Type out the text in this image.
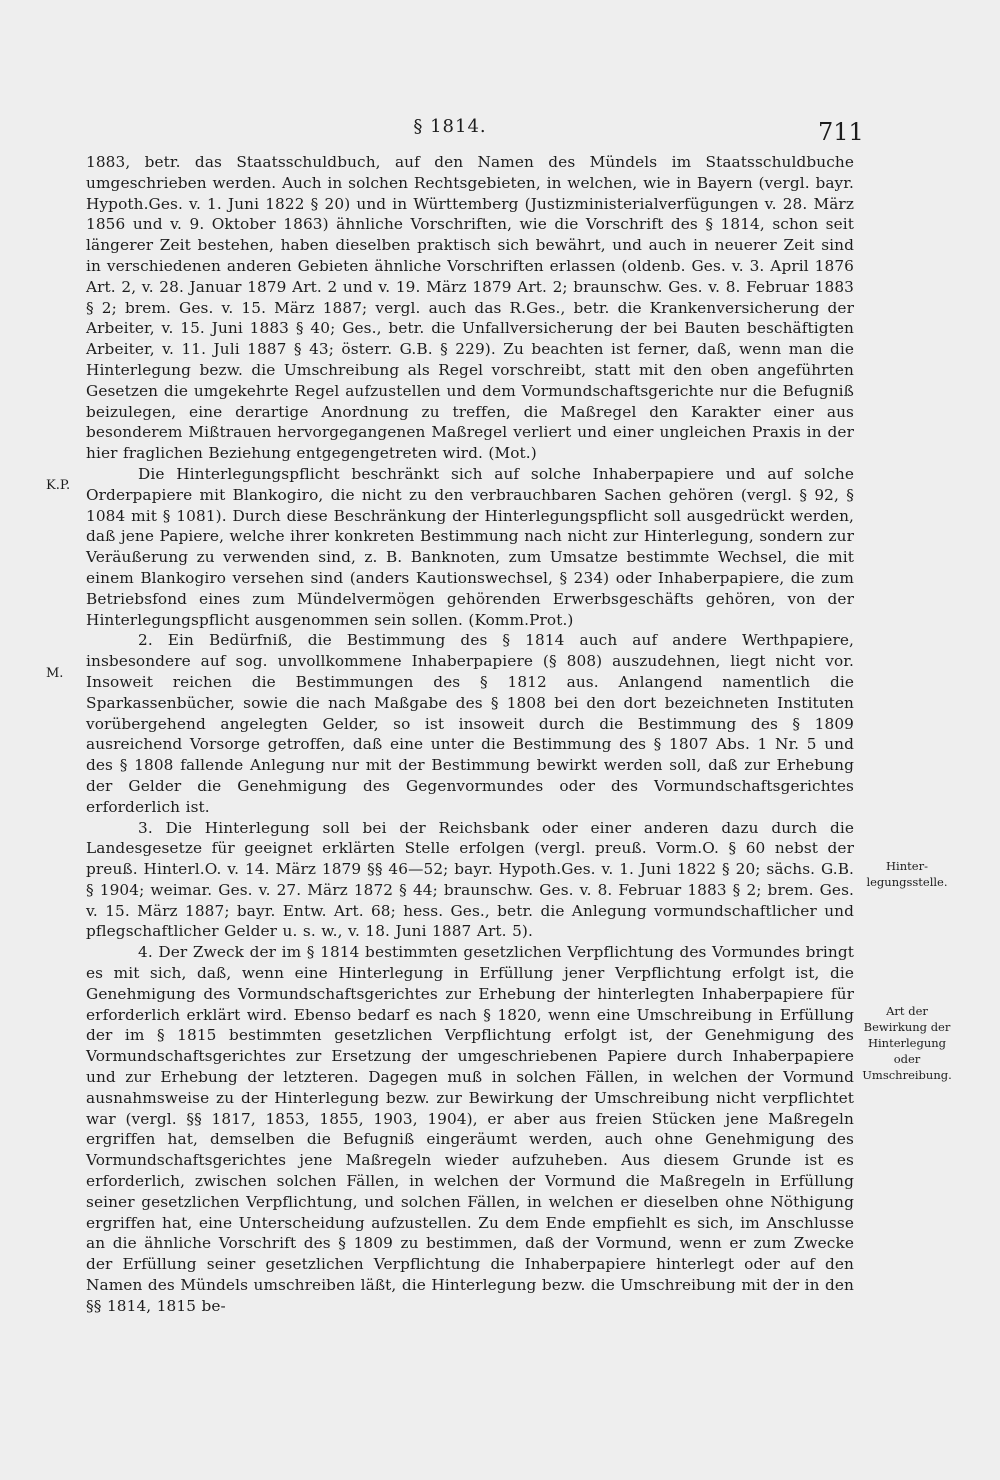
§ 1814.	711
K.P.
M.
Hinter-
legungsstelle.
Art der
Bewirkung der
Hinterlegung
oder
Umschreibung.

1883, betr. das Staatsschuldbuch, auf den Namen des Mündels im Staatsschuldbuche umgeschrieben werden. Auch in solchen Rechtsgebieten, in welchen, wie in Bayern (vergl. bayr. Hypoth.Ges. v. 1. Juni 1822 § 20) und in Württemberg (Justizministerialverfügungen v. 28. März 1856 und v. 9. Oktober 1863) ähnliche Vorschriften, wie die Vorschrift des § 1814, schon seit längerer Zeit bestehen, haben dieselben praktisch sich bewährt, und auch in neuerer Zeit sind in verschiedenen anderen Gebieten ähnliche Vorschriften erlassen (oldenb. Ges. v. 3. April 1876 Art. 2, v. 28. Januar 1879 Art. 2 und v. 19. März 1879 Art. 2; braunschw. Ges. v. 8. Februar 1883 § 2; brem. Ges. v. 15. März 1887; vergl. auch das R.Ges., betr. die Krankenversicherung der Arbeiter, v. 15. Juni 1883 § 40; Ges., betr. die Unfallversicherung der bei Bauten beschäftigten Arbeiter, v. 11. Juli 1887 § 43; österr. G.B. § 229). Zu beachten ist ferner, daß, wenn man die Hinterlegung bezw. die Umschreibung als Regel vorschreibt, statt mit den oben angeführten Gesetzen die umgekehrte Regel aufzustellen und dem Vormundschaftsgerichte nur die Befugniß beizulegen, eine derartige Anordnung zu treffen, die Maßregel den Karakter einer aus besonderem Mißtrauen hervorgegangenen Maßregel verliert und einer ungleichen Praxis in der hier fraglichen Beziehung entgegengetreten wird. (Mot.)

Die Hinterlegungspflicht beschränkt sich auf solche Inhaberpapiere und auf solche Orderpapiere mit Blankogiro, die nicht zu den verbrauchbaren Sachen gehören (vergl. § 92, § 1084 mit § 1081). Durch diese Beschränkung der Hinterlegungspflicht soll ausgedrückt werden, daß jene Papiere, welche ihrer konkreten Bestimmung nach nicht zur Hinterlegung, sondern zur Veräußerung zu verwenden sind, z. B. Banknoten, zum Umsatze bestimmte Wechsel, die mit einem Blankogiro versehen sind (anders Kautionswechsel, § 234) oder Inhaberpapiere, die zum Betriebsfond eines zum Mündelvermögen gehörenden Erwerbsgeschäfts gehören, von der Hinterlegungspflicht ausgenommen sein sollen. (Komm.Prot.)

2. Ein Bedürfniß, die Bestimmung des § 1814 auch auf andere Werthpapiere, insbesondere auf sog. unvollkommene Inhaberpapiere (§ 808) auszudehnen, liegt nicht vor. Insoweit reichen die Bestimmungen des § 1812 aus. Anlangend namentlich die Sparkassenbücher, sowie die nach Maßgabe des § 1808 bei den dort bezeichneten Instituten vorübergehend angelegten Gelder, so ist insoweit durch die Bestimmung des § 1809 ausreichend Vorsorge getroffen, daß eine unter die Bestimmung des § 1807 Abs. 1 Nr. 5 und des § 1808 fallende Anlegung nur mit der Bestimmung bewirkt werden soll, daß zur Erhebung der Gelder die Genehmigung des Gegenvormundes oder des Vormundschaftsgerichtes erforderlich ist.

3. Die Hinterlegung soll bei der Reichsbank oder einer anderen dazu durch die Landesgesetze für geeignet erklärten Stelle erfolgen (vergl. preuß. Vorm.O. § 60 nebst der preuß. Hinterl.O. v. 14. März 1879 §§ 46—52; bayr. Hypoth.Ges. v. 1. Juni 1822 § 20; sächs. G.B. § 1904; weimar. Ges. v. 27. März 1872 § 44; braunschw. Ges. v. 8. Februar 1883 § 2; brem. Ges. v. 15. März 1887; bayr. Entw. Art. 68; hess. Ges., betr. die Anlegung vormundschaftlicher und pflegschaftlicher Gelder u. s. w., v. 18. Juni 1887 Art. 5).

4. Der Zweck der im § 1814 bestimmten gesetzlichen Verpflichtung des Vormundes bringt es mit sich, daß, wenn eine Hinterlegung in Erfüllung jener Verpflichtung erfolgt ist, die Genehmigung des Vormundschaftsgerichtes zur Erhebung der hinterlegten Inhaberpapiere für erforderlich erklärt wird. Ebenso bedarf es nach § 1820, wenn eine Umschreibung in Erfüllung der im § 1815 bestimmten gesetzlichen Verpflichtung erfolgt ist, der Genehmigung des Vormundschaftsgerichtes zur Ersetzung der umgeschriebenen Papiere durch Inhaberpapiere und zur Erhebung der letzteren. Dagegen muß in solchen Fällen, in welchen der Vormund ausnahmsweise zu der Hinterlegung bezw. zur Bewirkung der Umschreibung nicht verpflichtet war (vergl. §§ 1817, 1853, 1855, 1903, 1904), er aber aus freien Stücken jene Maßregeln ergriffen hat, demselben die Befugniß eingeräumt werden, auch ohne Genehmigung des Vormundschaftsgerichtes jene Maßregeln wieder aufzuheben. Aus diesem Grunde ist es erforderlich, zwischen solchen Fällen, in welchen der Vormund die Maßregeln in Erfüllung seiner gesetzlichen Verpflichtung, und solchen Fällen, in welchen er dieselben ohne Nöthigung ergriffen hat, eine Unterscheidung aufzustellen. Zu dem Ende empfiehlt es sich, im Anschlusse an die ähnliche Vorschrift des § 1809 zu bestimmen, daß der Vormund, wenn er zum Zwecke der Erfüllung seiner gesetzlichen Verpflichtung die Inhaberpapiere hinterlegt oder auf den Namen des Mündels umschreiben läßt, die Hinterlegung bezw. die Umschreibung mit der in den §§ 1814, 1815 be-
